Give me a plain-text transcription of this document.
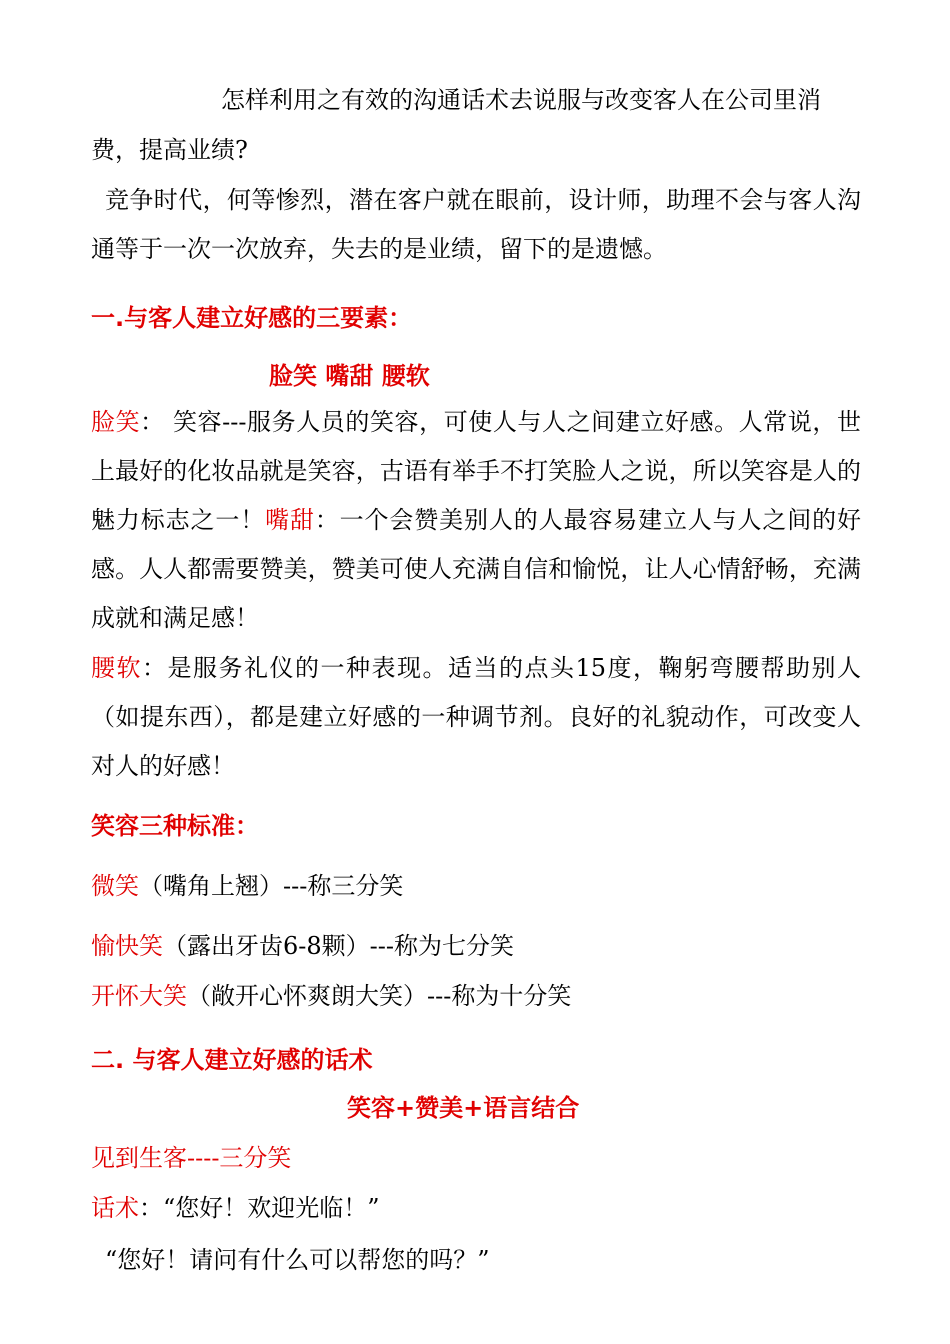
怎样利用之有效的沟通话术去说服与改变客人在公司里消

费，提高业绩?

竞争时代，何等惨烈，潜在客户就在眼前，设计师，助理不会与客人沟通等于一次一次放弃，失去的是业绩，留下的是遗憾。

一.与客人建立好感的三要素：

脸笑 嘴甜 腰软

脸笑： 笑容---服务人员的笑容，可使人与人之间建立好感。人常说，世上最好的化妆品就是笑容，古语有举手不打笑脸人之说，所以笑容是人的魅力标志之一！嘴甜：一个会赞美别人的人最容易建立人与人之间的好感。人人都需要赞美，赞美可使人充满自信和愉悦，让人心情舒畅，充满成就和满足感！

腰软：是服务礼仪的一种表现。适当的点头15度，鞠躬弯腰帮助别人（如提东西），都是建立好感的一种调节剂。良好的礼貌动作，可改变人对人的好感！

笑容三种标准：

微笑（嘴角上翘）---称三分笑

愉快笑（露出牙齿6-8颗）---称为七分笑

开怀大笑（敞开心怀爽朗大笑）---称为十分笑

二. 与客人建立好感的话术

笑容+赞美+语言结合

见到生客----三分笑

话术：“您好！欢迎光临！”

“您好！请问有什么可以帮您的吗？”
